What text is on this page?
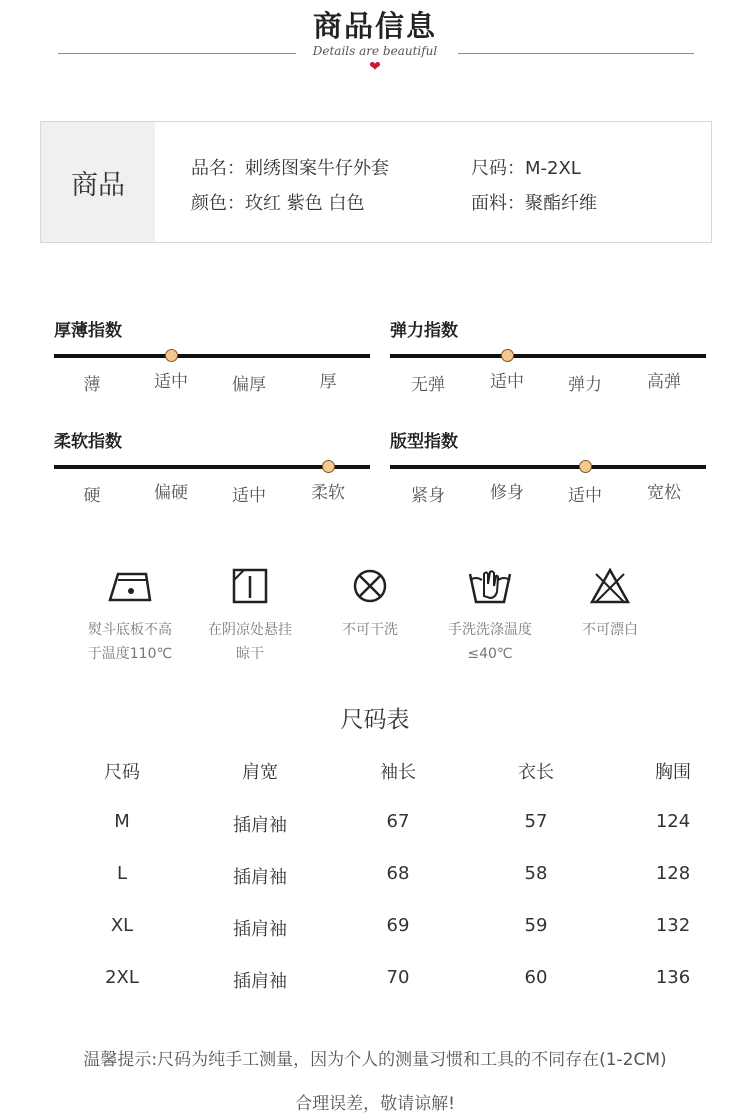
商品信息
Details are beautiful
❤
商品
品名：刺绣图案牛仔外套	尺码：M-2XL
颜色：玫红 紫色 白色	面料：聚酯纤维
厚薄指数
薄	适中	偏厚	厚
弹力指数
无弹	适中	弹力	高弹
柔软指数
硬	偏硬	适中	柔软
版型指数
紧身	修身	适中	宽松
熨斗底板不高
于温度110℃
在阴凉处悬挂
晾干
不可干洗	手洗洗涤温度
≤40℃
不可漂白
尺码表
尺码	肩宽	袖长	衣长	胸围
M	插肩袖	67	57	124
L	插肩袖	68	58	128
XL	插肩袖	69	59	132
2XL	插肩袖	70	60	136
温馨提示:尺码为纯手工测量，因为个人的测量习惯和工具的不同存在(1-2CM)
合理误差，敬请谅解!
